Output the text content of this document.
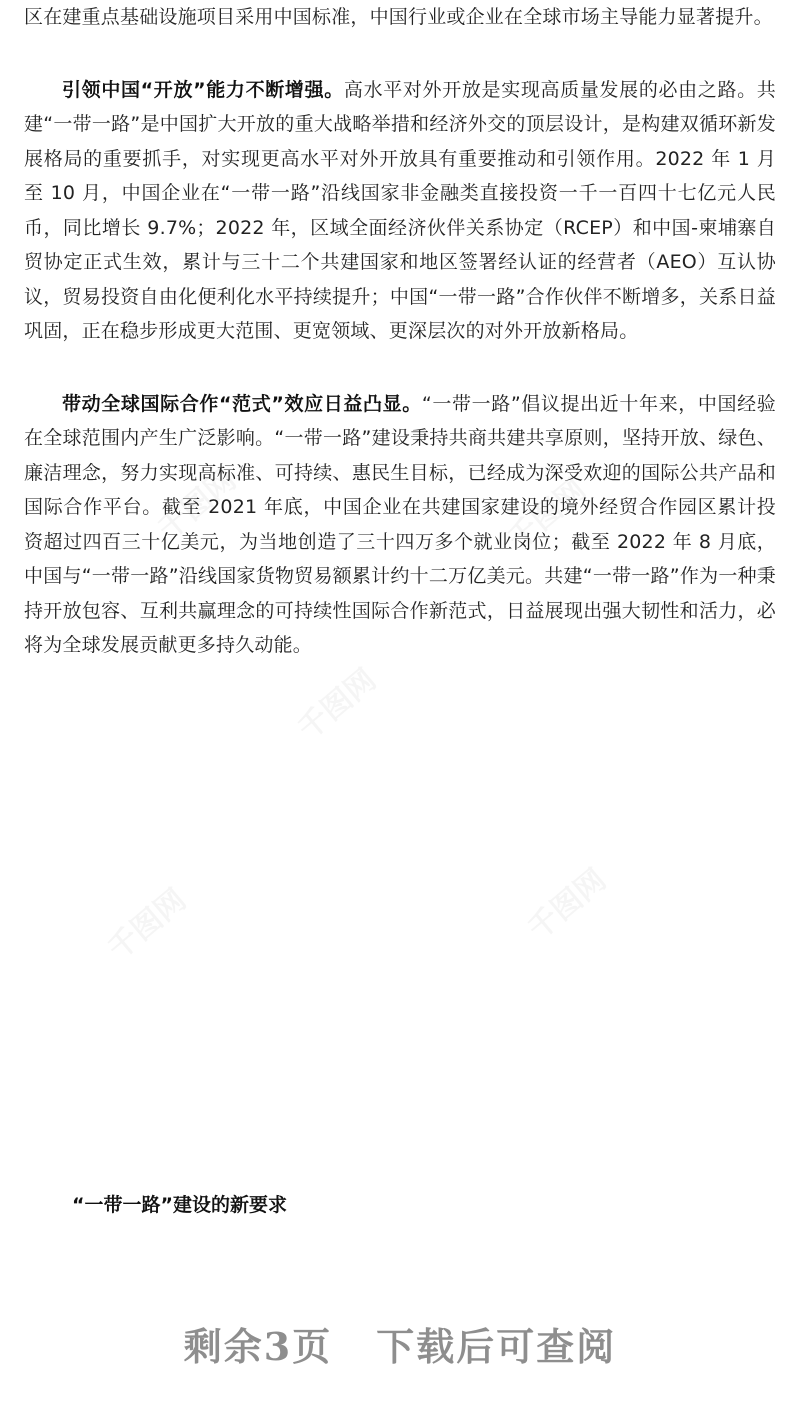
千图网	千图网
千图网
千图网	千图网

区在建重点基础设施项目采用中国标准，中国行业或企业在全球市场主导能力显著提升。

引领中国“开放”能力不断增强。高水平对外开放是实现高质量发展的必由之路。共建“一带一路”是中国扩大开放的重大战略举措和经济外交的顶层设计，是构建双循环新发展格局的重要抓手，对实现更高水平对外开放具有重要推动和引领作用。2022 年 1 月至 10 月，中国企业在“一带一路”沿线国家非金融类直接投资一千一百四十七亿元人民币，同比增长 9.7%；2022 年，区域全面经济伙伴关系协定（RCEP）和中国-柬埔寨自贸协定正式生效，累计与三十二个共建国家和地区签署经认证的经营者（AEO）互认协议，贸易投资自由化便利化水平持续提升；中国“一带一路”合作伙伴不断增多，关系日益巩固，正在稳步形成更大范围、更宽领域、更深层次的对外开放新格局。

带动全球国际合作“范式”效应日益凸显。“一带一路”倡议提出近十年来，中国经验在全球范围内产生广泛影响。“一带一路”建设秉持共商共建共享原则，坚持开放、绿色、廉洁理念，努力实现高标准、可持续、惠民生目标，已经成为深受欢迎的国际公共产品和国际合作平台。截至 2021 年底，中国企业在共建国家建设的境外经贸合作园区累计投资超过四百三十亿美元，为当地创造了三十四万多个就业岗位；截至 2022 年 8 月底，中国与“一带一路”沿线国家货物贸易额累计约十二万亿美元。共建“一带一路”作为一种秉持开放包容、互利共赢理念的可持续性国际合作新范式，日益展现出强大韧性和活力，必将为全球发展贡献更多持久动能。

“一带一路”建设的新要求
剩余3页 下载后可查阅
